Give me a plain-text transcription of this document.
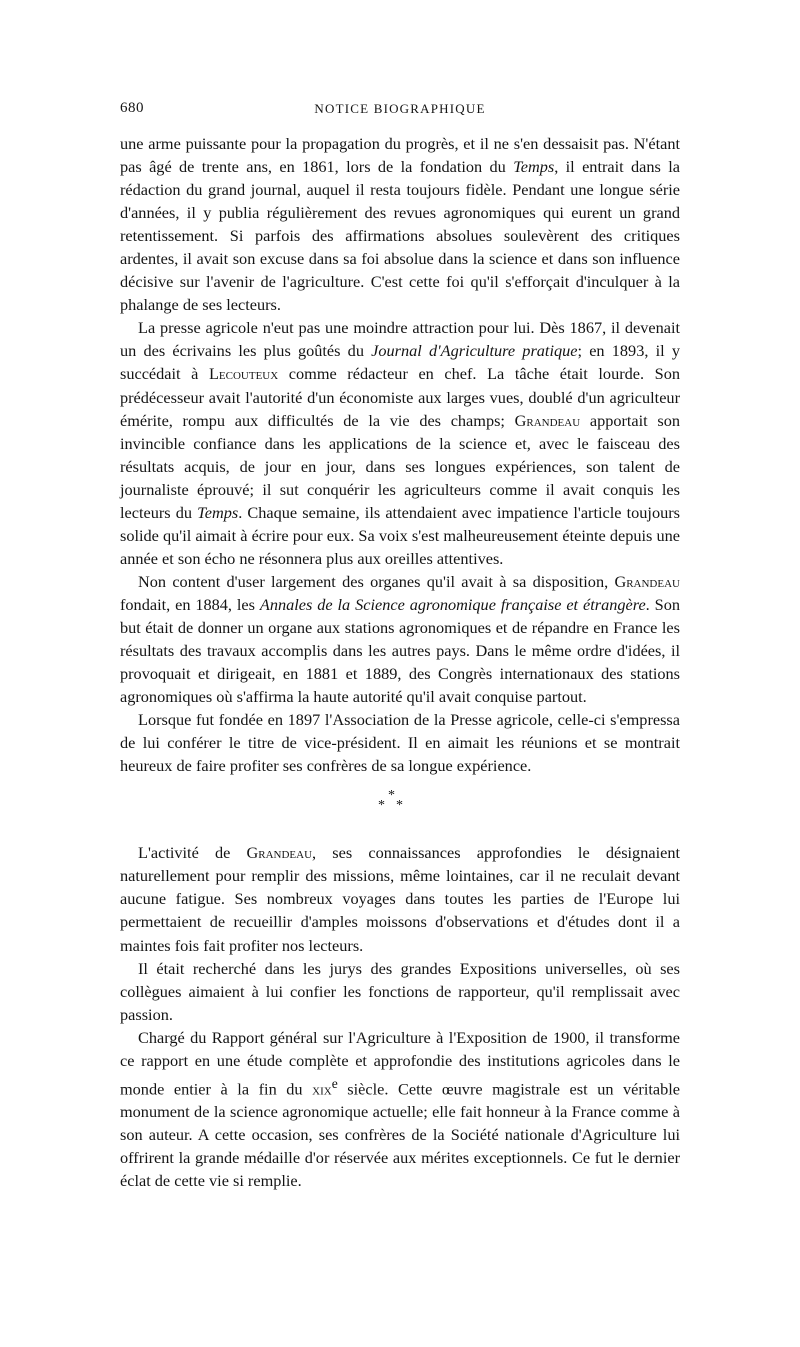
680	NOTICE BIOGRAPHIQUE

une arme puissante pour la propagation du progrès, et il ne s'en dessaisit pas. N'étant pas âgé de trente ans, en 1861, lors de la fondation du Temps, il entrait dans la rédaction du grand journal, auquel il resta toujours fidèle. Pendant une longue série d'années, il y publia régulièrement des revues agronomiques qui eurent un grand retentissement. Si parfois des affirmations absolues soulevèrent des critiques ardentes, il avait son excuse dans sa foi absolue dans la science et dans son influence décisive sur l'avenir de l'agriculture. C'est cette foi qu'il s'efforçait d'inculquer à la phalange de ses lecteurs.

La presse agricole n'eut pas une moindre attraction pour lui. Dès 1867, il devenait un des écrivains les plus goûtés du Journal d'Agriculture pratique; en 1893, il y succédait à Lecouteux comme rédacteur en chef. La tâche était lourde. Son prédécesseur avait l'autorité d'un économiste aux larges vues, doublé d'un agriculteur émérite, rompu aux difficultés de la vie des champs; Grandeau apportait son invincible confiance dans les applications de la science et, avec le faisceau des résultats acquis, de jour en jour, dans ses longues expériences, son talent de journaliste éprouvé; il sut conquérir les agriculteurs comme il avait conquis les lecteurs du Temps. Chaque semaine, ils attendaient avec impatience l'article toujours solide qu'il aimait à écrire pour eux. Sa voix s'est malheureusement éteinte depuis une année et son écho ne résonnera plus aux oreilles attentives.

Non content d'user largement des organes qu'il avait à sa disposition, Grandeau fondait, en 1884, les Annales de la Science agronomique française et étrangère. Son but était de donner un organe aux stations agronomiques et de répandre en France les résultats des travaux accomplis dans les autres pays. Dans le même ordre d'idées, il provoquait et dirigeait, en 1881 et 1889, des Congrès internationaux des stations agronomiques où s'affirma la haute autorité qu'il avait conquise partout.

Lorsque fut fondée en 1897 l'Association de la Presse agricole, celle-ci s'empressa de lui conférer le titre de vice-président. Il en aimait les réunions et se montrait heureux de faire profiter ses confrères de sa longue expérience.

*
* *

L'activité de Grandeau, ses connaissances approfondies le désignaient naturellement pour remplir des missions, même lointaines, car il ne reculait devant aucune fatigue. Ses nombreux voyages dans toutes les parties de l'Europe lui permettaient de recueillir d'amples moissons d'observations et d'études dont il a maintes fois fait profiter nos lecteurs.

Il était recherché dans les jurys des grandes Expositions universelles, où ses collègues aimaient à lui confier les fonctions de rapporteur, qu'il remplissait avec passion.

Chargé du Rapport général sur l'Agriculture à l'Exposition de 1900, il transforme ce rapport en une étude complète et approfondie des institutions agricoles dans le monde entier à la fin du xix$^e$ siècle. Cette œuvre magistrale est un véritable monument de la science agronomique actuelle; elle fait honneur à la France comme à son auteur. A cette occasion, ses confrères de la Société nationale d'Agriculture lui offrirent la grande médaille d'or réservée aux mérites exceptionnels. Ce fut le dernier éclat de cette vie si remplie.
